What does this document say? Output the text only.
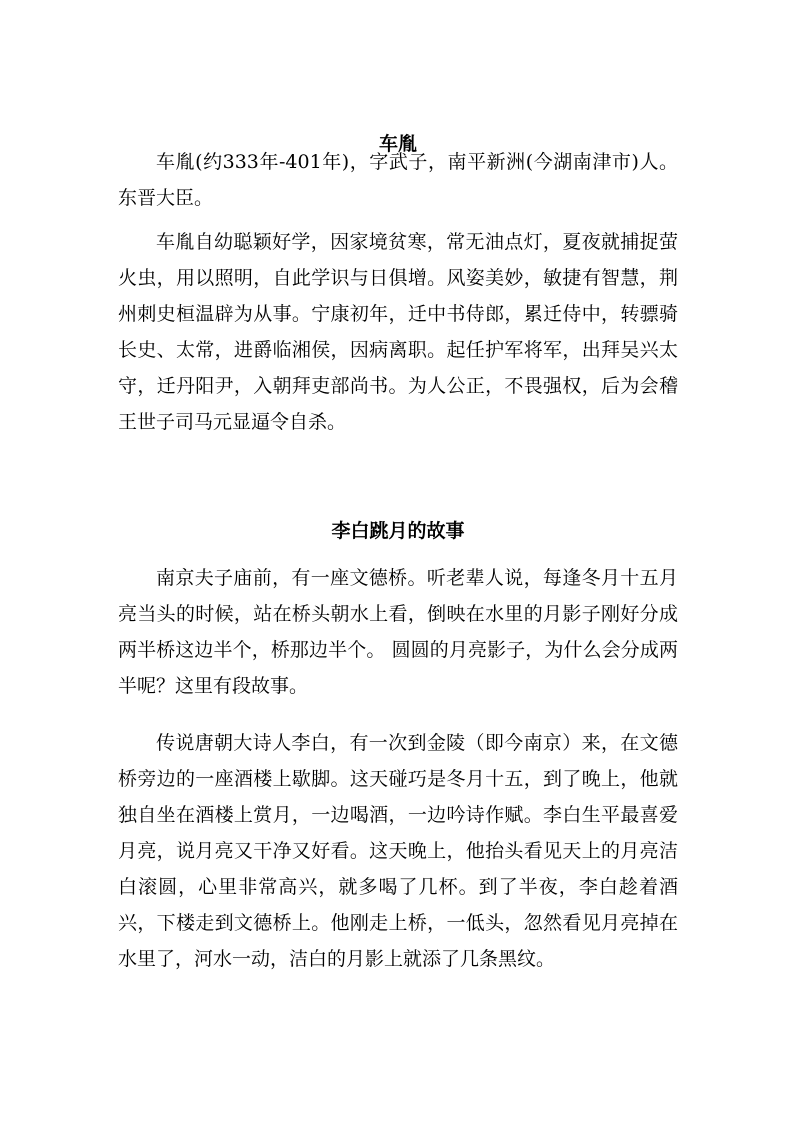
车胤

车胤(约333年-401年)，字武子，南平新洲(今湖南津市)人。东晋大臣。

车胤自幼聪颖好学，因家境贫寒，常无油点灯，夏夜就捕捉萤火虫，用以照明，自此学识与日俱增。风姿美妙，敏捷有智慧，荆州刺史桓温辟为从事。宁康初年，迁中书侍郎，累迁侍中，转骠骑长史、太常，进爵临湘侯，因病离职。起任护军将军，出拜吴兴太守，迁丹阳尹，入朝拜吏部尚书。为人公正，不畏强权，后为会稽王世子司马元显逼令自杀。

李白跳月的故事

南京夫子庙前，有一座文德桥。听老辈人说，每逢冬月十五月亮当头的时候，站在桥头朝水上看，倒映在水里的月影子刚好分成两半桥这边半个，桥那边半个。 圆圆的月亮影子，为什么会分成两半呢？这里有段故事。

传说唐朝大诗人李白，有一次到金陵（即今南京）来，在文德桥旁边的一座酒楼上歇脚。这天碰巧是冬月十五，到了晚上，他就独自坐在酒楼上赏月，一边喝酒，一边吟诗作赋。李白生平最喜爱月亮，说月亮又干净又好看。这天晚上，他抬头看见天上的月亮洁白滚圆，心里非常高兴，就多喝了几杯。到了半夜，李白趁着酒兴，下楼走到文德桥上。他刚走上桥，一低头，忽然看见月亮掉在水里了，河水一动，洁白的月影上就添了几条黑纹。
